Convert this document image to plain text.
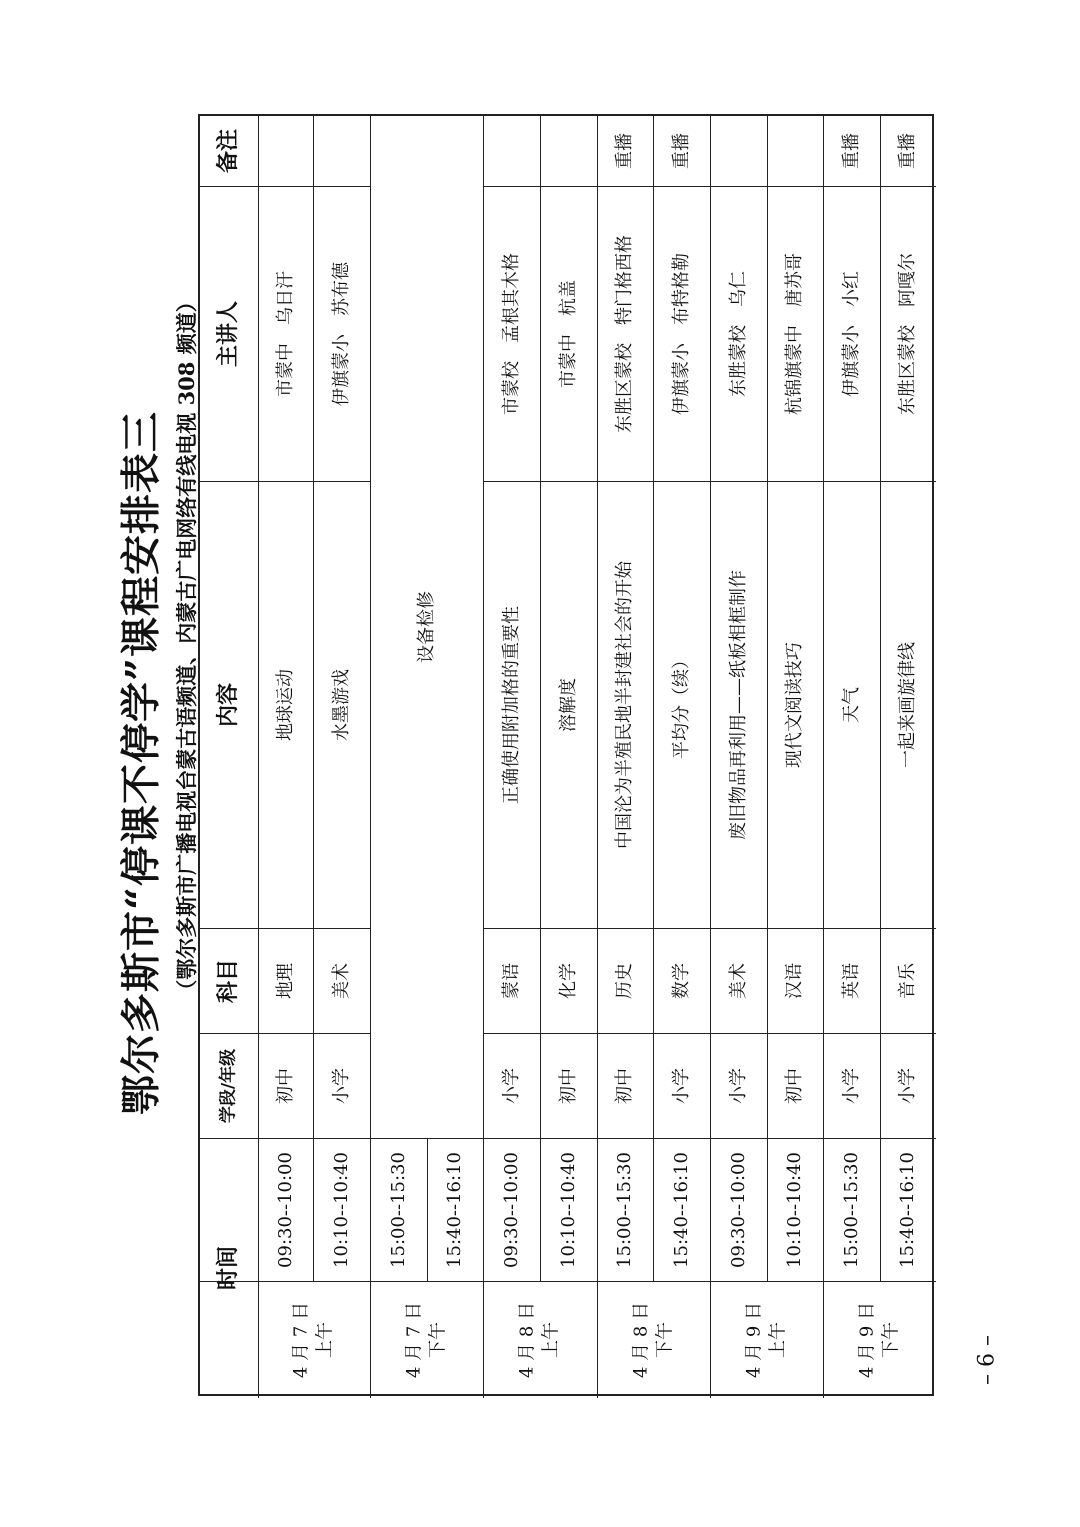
鄂尔多斯市“停课不停学”课程安排表三 （鄂尔多斯市广播电视台蒙古语频道、内蒙古广电网络有线电视 308 频道）
备注
主讲人
内容
科目
学段/年级
时间
4 月 7 日
上午
4 月 7 日
下午
4 月 8 日
上午
4 月 8 日
下午
4 月 9 日
上午
4 月 9 日
下午
09:30--10:00 10:10--10:40 15:00--15:30 15:40--16:10 09:30--10:00 10:10--10:40 15:00--15:30 15:40--16:10 09:30--10:00 10:10--10:40 15:00--15:30 15:40--16:10
初中
地理
地球运动
市蒙中　乌日汗
小学
美术
水墨游戏
伊旗蒙小　苏布德
小学
蒙语
正确使用附加格的重要性
市蒙校　孟根其木格
初中
化学
溶解度
市蒙中　杭盖
初中
历史
中国沦为半殖民地半封建社会的开始
东胜区蒙校　特门格西格
重播
小学
数学
平均分（续）
伊旗蒙小　布特格勒
重播
小学
美术
废旧物品再利用——纸板相框制作
东胜蒙校　乌仁
初中
汉语
现代文阅读技巧
杭锦旗蒙中　唐苏哥
小学
英语
天气
伊旗蒙小　小红
重播
小学
音乐
一起来画旋律线
东胜区蒙校　阿嘎尔
重播
设备检修
– 6 –
